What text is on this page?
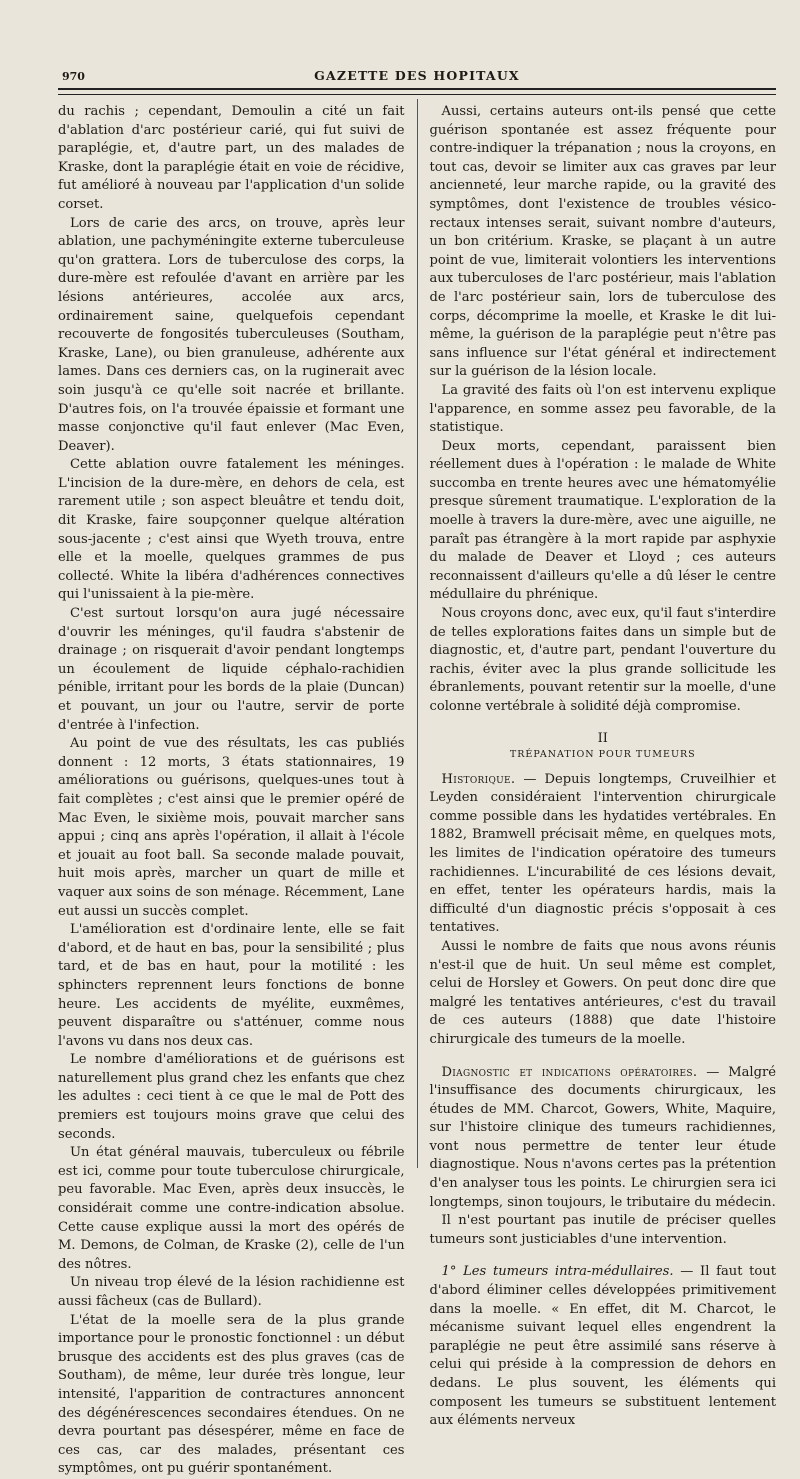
970	GAZETTE DES HOPITAUX

du rachis ; cependant, Demoulin a cité un fait d'ablation d'arc postérieur carié, qui fut suivi de paraplégie, et, d'autre part, un des malades de Kraske, dont la paraplégie était en voie de récidive, fut amélioré à nouveau par l'application d'un solide corset.

Lors de carie des arcs, on trouve, après leur ablation, une pachyméningite externe tuberculeuse qu'on grattera. Lors de tuberculose des corps, la dure-mère est refoulée d'avant en arrière par les lésions antérieures, accolée aux arcs, ordinairement saine, quelquefois cependant recouverte de fongosités tuberculeuses (Southam, Kraske, Lane), ou bien granuleuse, adhérente aux lames. Dans ces derniers cas, on la ruginerait avec soin jusqu'à ce qu'elle soit nacrée et brillante. D'autres fois, on l'a trouvée épaissie et formant une masse conjonctive qu'il faut enlever (Mac Even, Deaver).

Cette ablation ouvre fatalement les méninges. L'incision de la dure-mère, en dehors de cela, est rarement utile ; son aspect bleuâtre et tendu doit, dit Kraske, faire soupçonner quelque altération sous-jacente ; c'est ainsi que Wyeth trouva, entre elle et la moelle, quelques grammes de pus collecté. White la libéra d'adhérences connectives qui l'unissaient à la pie-mère.

C'est surtout lorsqu'on aura jugé nécessaire d'ouvrir les méninges, qu'il faudra s'abstenir de drainage ; on risquerait d'avoir pendant longtemps un écoulement de liquide céphalo-rachidien pénible, irritant pour les bords de la plaie (Duncan) et pouvant, un jour ou l'autre, servir de porte d'entrée à l'infection.

Au point de vue des résultats, les cas publiés donnent : 12 morts, 3 états stationnaires, 19 améliorations ou guérisons, quelques-unes tout à fait complètes ; c'est ainsi que le premier opéré de Mac Even, le sixième mois, pouvait marcher sans appui ; cinq ans après l'opération, il allait à l'école et jouait au foot ball. Sa seconde malade pouvait, huit mois après, marcher un quart de mille et vaquer aux soins de son ménage. Récemment, Lane eut aussi un succès complet.

L'amélioration est d'ordinaire lente, elle se fait d'abord, et de haut en bas, pour la sensibilité ; plus tard, et de bas en haut, pour la motilité : les sphincters reprennent leurs fonctions de bonne heure. Les accidents de myélite, euxmêmes, peuvent disparaître ou s'atténuer, comme nous l'avons vu dans nos deux cas.

Le nombre d'améliorations et de guérisons est naturellement plus grand chez les enfants que chez les adultes : ceci tient à ce que le mal de Pott des premiers est toujours moins grave que celui des seconds.

Un état général mauvais, tuberculeux ou fébrile est ici, comme pour toute tuberculose chirurgicale, peu favorable. Mac Even, après deux insuccès, le considérait comme une contre-indication absolue. Cette cause explique aussi la mort des opérés de M. Demons, de Colman, de Kraske (2), celle de l'un des nôtres.

Un niveau trop élevé de la lésion rachidienne est aussi fâcheux (cas de Bullard).

L'état de la moelle sera de la plus grande importance pour le pronostic fonctionnel : un début brusque des accidents est des plus graves (cas de Southam), de même, leur durée très longue, leur intensité, l'apparition de contractures annoncent des dégénérescences secondaires étendues. On ne devra pourtant pas désespérer, même en face de ces cas, car des malades, présentant ces symptômes, ont pu guérir spontanément.

Aussi, certains auteurs ont-ils pensé que cette guérison spontanée est assez fréquente pour contre-indiquer la trépanation ; nous la croyons, en tout cas, devoir se limiter aux cas graves par leur ancienneté, leur marche rapide, ou la gravité des symptômes, dont l'existence de troubles vésico-rectaux intenses serait, suivant nombre d'auteurs, un bon critérium. Kraske, se plaçant à un autre point de vue, limiterait volontiers les interventions aux tuberculoses de l'arc postérieur, mais l'ablation de l'arc postérieur sain, lors de tuberculose des corps, décomprime la moelle, et Kraske le dit lui-même, la guérison de la paraplégie peut n'être pas sans influence sur l'état général et indirectement sur la guérison de la lésion locale.

La gravité des faits où l'on est intervenu explique l'apparence, en somme assez peu favorable, de la statistique.

Deux morts, cependant, paraissent bien réellement dues à l'opération : le malade de White succomba en trente heures avec une hématomyélie presque sûrement traumatique. L'exploration de la moelle à travers la dure-mère, avec une aiguille, ne paraît pas étrangère à la mort rapide par asphyxie du malade de Deaver et Lloyd ; ces auteurs reconnaissent d'ailleurs qu'elle a dû léser le centre médullaire du phrénique.

Nous croyons donc, avec eux, qu'il faut s'interdire de telles explorations faites dans un simple but de diagnostic, et, d'autre part, pendant l'ouverture du rachis, éviter avec la plus grande sollicitude les ébranlements, pouvant retentir sur la moelle, d'une colonne vertébrale à solidité déjà compromise.

II
TRÉPANATION POUR TUMEURS

Historique. — Depuis longtemps, Cruveilhier et Leyden considéraient l'intervention chirurgicale comme possible dans les hydatides vertébrales. En 1882, Bramwell précisait même, en quelques mots, les limites de l'indication opératoire des tumeurs rachidiennes. L'incurabilité de ces lésions devait, en effet, tenter les opérateurs hardis, mais la difficulté d'un diagnostic précis s'opposait à ces tentatives.

Aussi le nombre de faits que nous avons réunis n'est-il que de huit. Un seul même est complet, celui de Horsley et Gowers. On peut donc dire que malgré les tentatives antérieures, c'est du travail de ces auteurs (1888) que date l'histoire chirurgicale des tumeurs de la moelle.

Diagnostic et indications opératoires. — Malgré l'insuffisance des documents chirurgicaux, les études de MM. Charcot, Gowers, White, Maquire, sur l'histoire clinique des tumeurs rachidiennes, vont nous permettre de tenter leur étude diagnostique. Nous n'avons certes pas la prétention d'en analyser tous les points. Le chirurgien sera ici longtemps, sinon toujours, le tributaire du médecin.

Il n'est pourtant pas inutile de préciser quelles tumeurs sont justiciables d'une intervention.

1° Les tumeurs intra-médullaires. — Il faut tout d'abord éliminer celles développées primitivement dans la moelle. « En effet, dit M. Charcot, le mécanisme suivant lequel elles engendrent la paraplégie ne peut être assimilé sans réserve à celui qui préside à la compression de dehors en dedans. Le plus souvent, les éléments qui composent les tumeurs se substituent lentement aux éléments nerveux
